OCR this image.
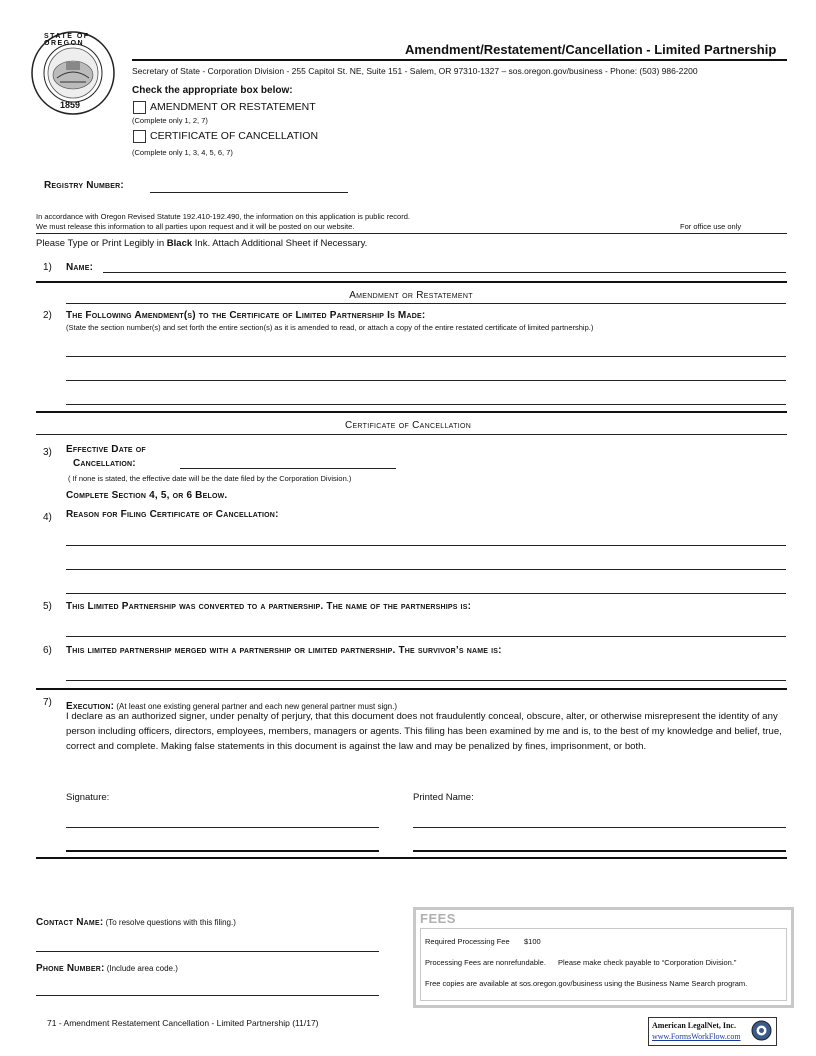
1859
STATE OF OREGON	Amendment/Restatement/Cancellation - Limited Partnership
Secretary of State - Corporation Division - 255 Capitol St. NE, Suite 151 - Salem, OR 97310-1327 – sos.oregon.gov/business - Phone: (503) 986-2200
Check the appropriate box below:
AMENDMENT OR RESTATEMENT
(Complete only 1, 2, 7)
CERTIFICATE OF CANCELLATION
(Complete only 1, 3, 4, 5, 6, 7)
Registry Number:
In accordance with Oregon Revised Statute 192.410-192.490, the information on this application is public record.
We must release this information to all parties upon request and it will be posted on our website.	For office use only
Please Type or Print Legibly in Black Ink. Attach Additional Sheet if Necessary.
1) Name:
Amendment or Restatement
2) The Following Amendment(s) to the Certificate of Limited Partnership Is Made:
(State the section number(s) and set forth the entire section(s) as it is amended to read, or attach a copy of the entire restated certificate of limited partnership.)
Certificate of Cancellation
3) Effective Date of
Cancellation:
( If none is stated, the effective date will be the date filed by the Corporation Division.)
Complete Section 4, 5, or 6 Below.
4) Reason for Filing Certificate of Cancellation:
5) This Limited Partnership was converted to a partnership. The name of the partnerships is:
6) This limited partnership merged with a partnership or limited partnership. The survivor’s name is:
7) Execution: (At least one existing general partner and each new general partner must sign.)
I declare as an authorized signer, under penalty of perjury, that this document does not fraudulently conceal, obscure, alter, or otherwise misrepresent the identity of any person including officers, directors, employees, members, managers or agents. This filing has been examined by me and is, to the best of my knowledge and belief, true, correct and complete. Making false statements in this document is against the law and may be penalized by fines, imprisonment, or both.
Signature:	Printed Name:
Contact Name: (To resolve questions with this filing.)
Phone Number: (Include area code.)
FEES
Required Processing Fee $100
Processing Fees are nonrefundable. Please make check payable to “Corporation Division.”
Free copies are available at sos.oregon.gov/business using the Business Name Search program.
71 - Amendment Restatement Cancellation - Limited Partnership (11/17)	American LegalNet, Inc.
www.FormsWorkFlow.com
